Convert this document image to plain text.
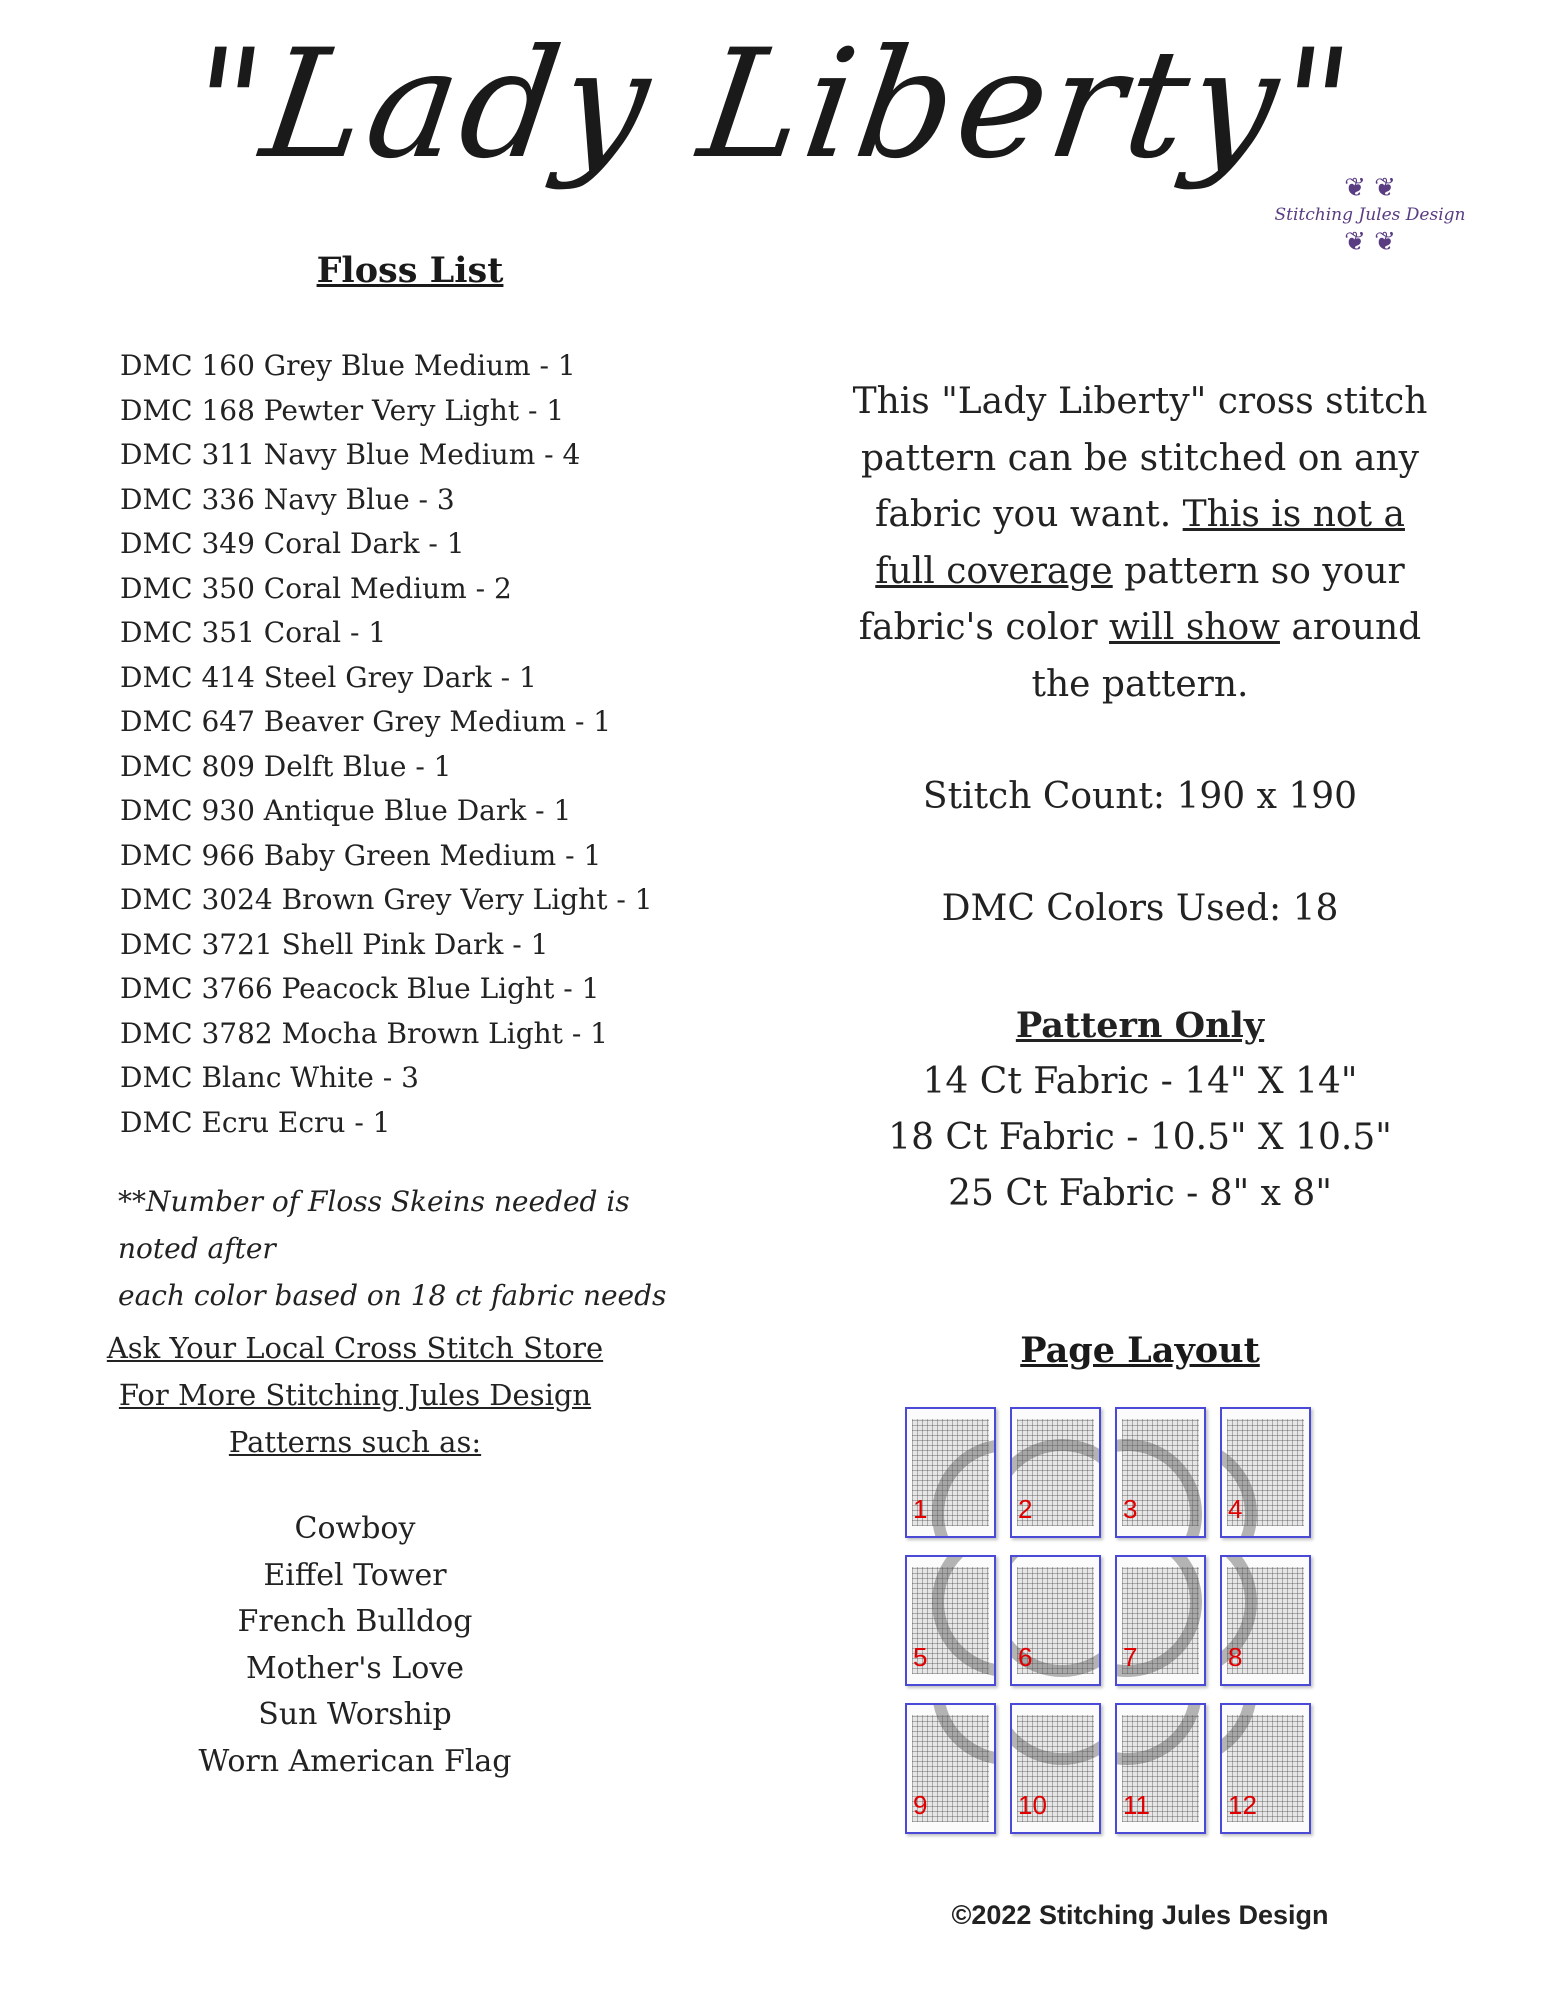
"Lady Liberty"
❦ ❦
Stitching Jules Design
❦ ❦
Floss List
DMC 160 Grey Blue Medium - 1
DMC 168 Pewter Very Light - 1
DMC 311 Navy Blue Medium - 4
DMC 336 Navy Blue - 3
DMC 349 Coral Dark - 1
DMC 350 Coral Medium - 2
DMC 351 Coral - 1
DMC 414 Steel Grey Dark - 1
DMC 647 Beaver Grey Medium - 1
DMC 809 Delft Blue - 1
DMC 930 Antique Blue Dark - 1
DMC 966 Baby Green Medium - 1
DMC 3024 Brown Grey Very Light - 1
DMC 3721 Shell Pink Dark - 1
DMC 3766 Peacock Blue Light - 1
DMC 3782 Mocha Brown Light - 1
DMC Blanc White - 3
DMC Ecru Ecru - 1
**Number of Floss Skeins needed is noted after
each color based on 18 ct fabric needs
Ask Your Local Cross Stitch Store
For More Stitching Jules Design
Patterns such as:
Cowboy
Eiffel Tower
French Bulldog
Mother's Love
Sun Worship
Worn American Flag
This "Lady Liberty" cross stitch pattern can be stitched on any fabric you want. This is not a full coverage pattern so your fabric's color will show around the pattern.
Stitch Count: 190 x 190
DMC Colors Used: 18
Pattern Only
14 Ct Fabric - 14" X 14"
18 Ct Fabric - 10.5" X 10.5"
25 Ct Fabric - 8" x 8"
Page Layout
1	2	3	4
5	6	7	8
9	10	11	12
©2022 Stitching Jules Design
